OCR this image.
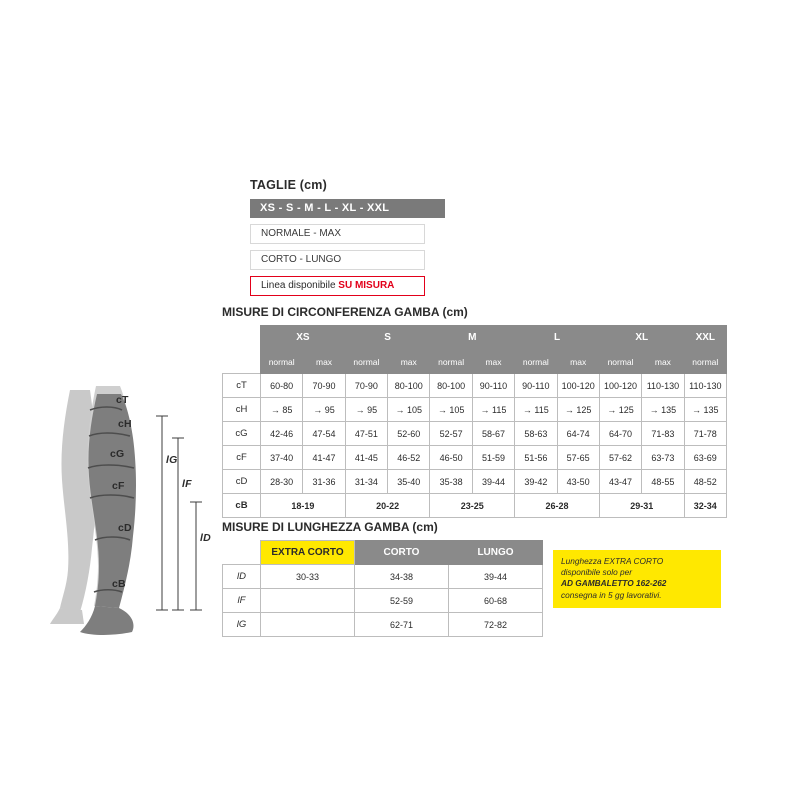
cT
cH
cG
cF
cD
cB
lG
lF
lD
TAGLIE (cm)
XS - S - M - L - XL - XXL
NORMALE - MAX
CORTO - LUNGO
Linea disponibile SU MISURA
MISURE DI CIRCONFERENZA GAMBA (cm)
	XS		S		M		L		XL		XXL
	normal	max	normal	max	normal	max	normal	max	normal	max	normal
cT	60-80	70-90	70-90	80-100	80-100	90-110	90-110	100-120	100-120	110-130	110-130
cH	→ 85	→ 95	→ 95	→ 105	→ 105	→ 115	→ 115	→ 125	→ 125	→ 135	→ 135
cG	42-46	47-54	47-51	52-60	52-57	58-67	58-63	64-74	64-70	71-83	71-78
cF	37-40	41-47	41-45	46-52	46-50	51-59	51-56	57-65	57-62	63-73	63-69
cD	28-30	31-36	31-34	35-40	35-38	39-44	39-42	43-50	43-47	48-55	48-52
cB	18-19		20-22		23-25		26-28		29-31		32-34
MISURE DI LUNGHEZZA GAMBA (cm)
	EXTRA CORTO	CORTO	LUNGO
lD	30-33	34-38	39-44
lF		52-59	60-68
lG		62-71	72-82
Lunghezza EXTRA CORTO
disponibile solo per
AD GAMBALETTO 162-262
consegna in 5 gg lavorativi.
